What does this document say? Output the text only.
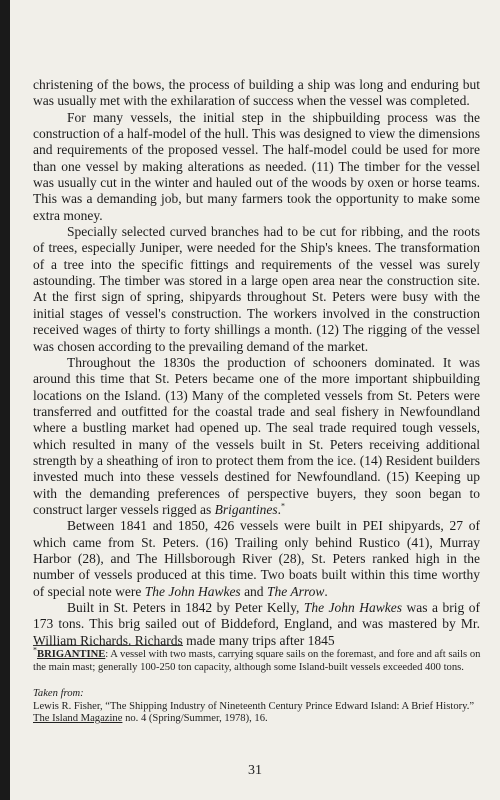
christening of the bows, the process of building a ship was long and enduring but was usually met with the exhilaration of success when the vessel was completed.

For many vessels, the initial step in the shipbuilding process was the construction of a half-model of the hull. This was designed to view the dimensions and requirements of the proposed vessel. The half-model could be used for more than one vessel by making alterations as needed. (11) The timber for the vessel was usually cut in the winter and hauled out of the woods by oxen or horse teams. This was a demanding job, but many farmers took the opportunity to make some extra money.

Specially selected curved branches had to be cut for ribbing, and the roots of trees, especially Juniper, were needed for the Ship's knees. The transformation of a tree into the specific fittings and requirements of the vessel was surely astounding. The timber was stored in a large open area near the construction site. At the first sign of spring, shipyards throughout St. Peters were busy with the initial stages of vessel's construction. The workers involved in the construction received wages of thirty to forty shillings a month. (12) The rigging of the vessel was chosen according to the prevailing demand of the market.

Throughout the 1830s the production of schooners dominated. It was around this time that St. Peters became one of the more important shipbuilding locations on the Island. (13) Many of the completed vessels from St. Peters were transferred and outfitted for the coastal trade and seal fishery in Newfoundland where a bustling market had opened up. The seal trade required tough vessels, which resulted in many of the vessels built in St. Peters receiving additional strength by a sheathing of iron to protect them from the ice. (14) Resident builders invested much into these vessels destined for Newfoundland. (15) Keeping up with the demanding preferences of perspective buyers, they soon began to construct larger vessels rigged as Brigantines.*

Between 1841 and 1850, 426 vessels were built in PEI shipyards, 27 of which came from St. Peters. (16) Trailing only behind Rustico (41), Murray Harbor (28), and The Hillsborough River (28), St. Peters ranked high in the number of vessels produced at this time. Two boats built within this time worthy of special note were The John Hawkes and The Arrow.

Built in St. Peters in 1842 by Peter Kelly, The John Hawkes was a brig of 173 tons. This brig sailed out of Biddeford, England, and was mastered by Mr. William Richards. Richards made many trips after 1845

*BRIGANTINE: A vessel with two masts, carrying square sails on the foremast, and fore and aft sails on the main mast; generally 100-250 ton capacity, although some Island-built vessels exceeded 400 tons.

Taken from:

Lewis R. Fisher, “The Shipping Industry of Nineteenth Century Prince Edward Island: A Brief History.”
The Island Magazine no. 4 (Spring/Summer, 1978), 16.

31
